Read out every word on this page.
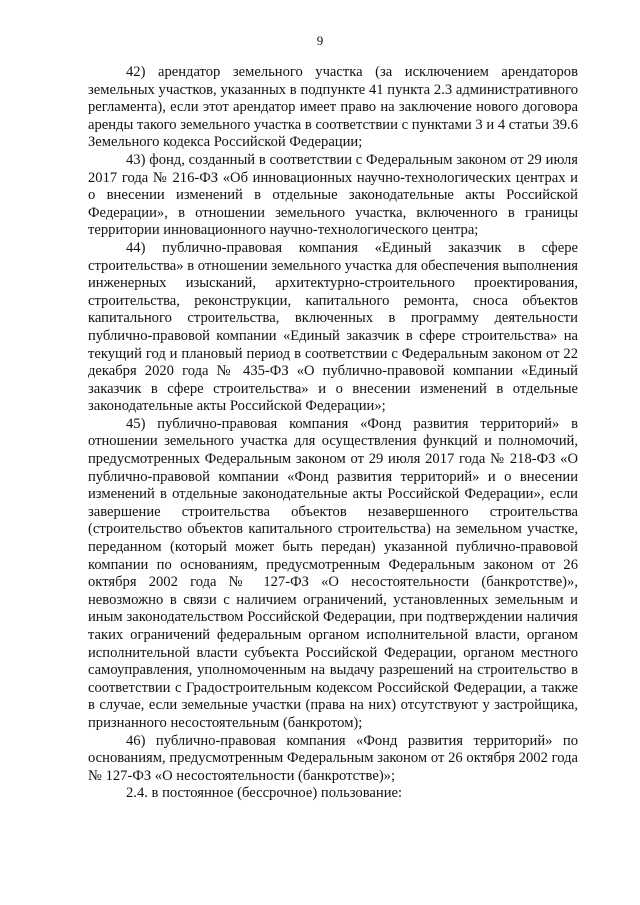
9

42) арендатор земельного участка (за исключением арендаторов земельных участков, указанных в подпункте 41 пункта 2.3 административного регламента), если этот арендатор имеет право на заключение нового договора аренды такого земельного участка в соответствии с пунктами 3 и 4 статьи 39.6 Земельного кодекса Российской Федерации;

43) фонд, созданный в соответствии с Федеральным законом от 29 июля 2017 года № 216-ФЗ «Об инновационных научно-технологических центрах и о внесении изменений в отдельные законодательные акты Российской Федерации», в отношении земельного участка, включенного в границы территории инновационного научно-технологического центра;

44) публично-правовая компания «Единый заказчик в сфере строительства» в отношении земельного участка для обеспечения выполнения инженерных изысканий, архитектурно-строительного проектирования, строительства, реконструкции, капитального ремонта, сноса объектов капитального строительства, включенных в программу деятельности публично-правовой компании «Единый заказчик в сфере строительства» на текущий год и плановый период в соответствии с Федеральным законом от 22 декабря 2020 года № 435-ФЗ «О публично-правовой компании «Единый заказчик в сфере строительства» и о внесении изменений в отдельные законодательные акты Российской Федерации»;

45) публично-правовая компания «Фонд развития территорий» в отношении земельного участка для осуществления функций и полномочий, предусмотренных Федеральным законом от 29 июля 2017 года № 218-ФЗ «О публично-правовой компании «Фонд развития территорий» и о внесении изменений в отдельные законодательные акты Российской Федерации», если завершение строительства объектов незавершенного строительства (строительство объектов капитального строительства) на земельном участке, переданном (который может быть передан) указанной публично-правовой компании по основаниям, предусмотренным Федеральным законом от 26 октября 2002 года № 127-ФЗ «О несостоятельности (банкротстве)», невозможно в связи с наличием ограничений, установленных земельным и иным законодательством Российской Федерации, при подтверждении наличия таких ограничений федеральным органом исполнительной власти, органом исполнительной власти субъекта Российской Федерации, органом местного самоуправления, уполномоченным на выдачу разрешений на строительство в соответствии с Градостроительным кодексом Российской Федерации, а также в случае, если земельные участки (права на них) отсутствуют у застройщика, признанного несостоятельным (банкротом);

46) публично-правовая компания «Фонд развития территорий» по основаниям, предусмотренным Федеральным законом от 26 октября 2002 года № 127-ФЗ «О несостоятельности (банкротстве)»;

2.4. в постоянное (бессрочное) пользование:
